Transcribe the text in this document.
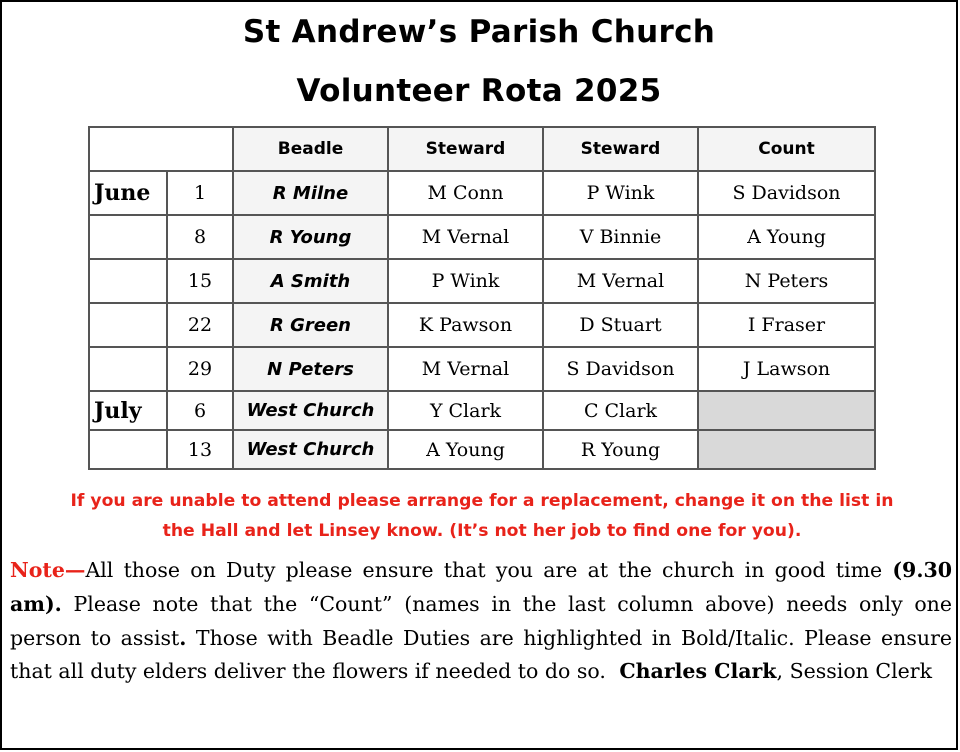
St Andrew’s Parish Church
Volunteer Rota 2025
		Beadle	Steward	Steward	Count
June	1	R Milne	M Conn	P Wink	S Davidson
	8	R Young	M Vernal	V Binnie	A Young
	15	A Smith	P Wink	M Vernal	N Peters
	22	R Green	K Pawson	D Stuart	I Fraser
	29	N Peters	M Vernal	S Davidson	J Lawson
July	6	West Church	Y Clark	C Clark	
	13	West Church	A Young	R Young	
If you are unable to attend please arrange for a replacement, change it on the list in
the Hall and let Linsey know. (It’s not her job to find one for you).
Note—All those on Duty please ensure that you are at the church in good time (9.30 am). Please note that the “Count” (names in the last column above) needs only one person to assist. Those with Beadle Duties are highlighted in Bold/Italic. Please ensure that all duty elders deliver the flowers if needed to do so. Charles Clark, Session Clerk
